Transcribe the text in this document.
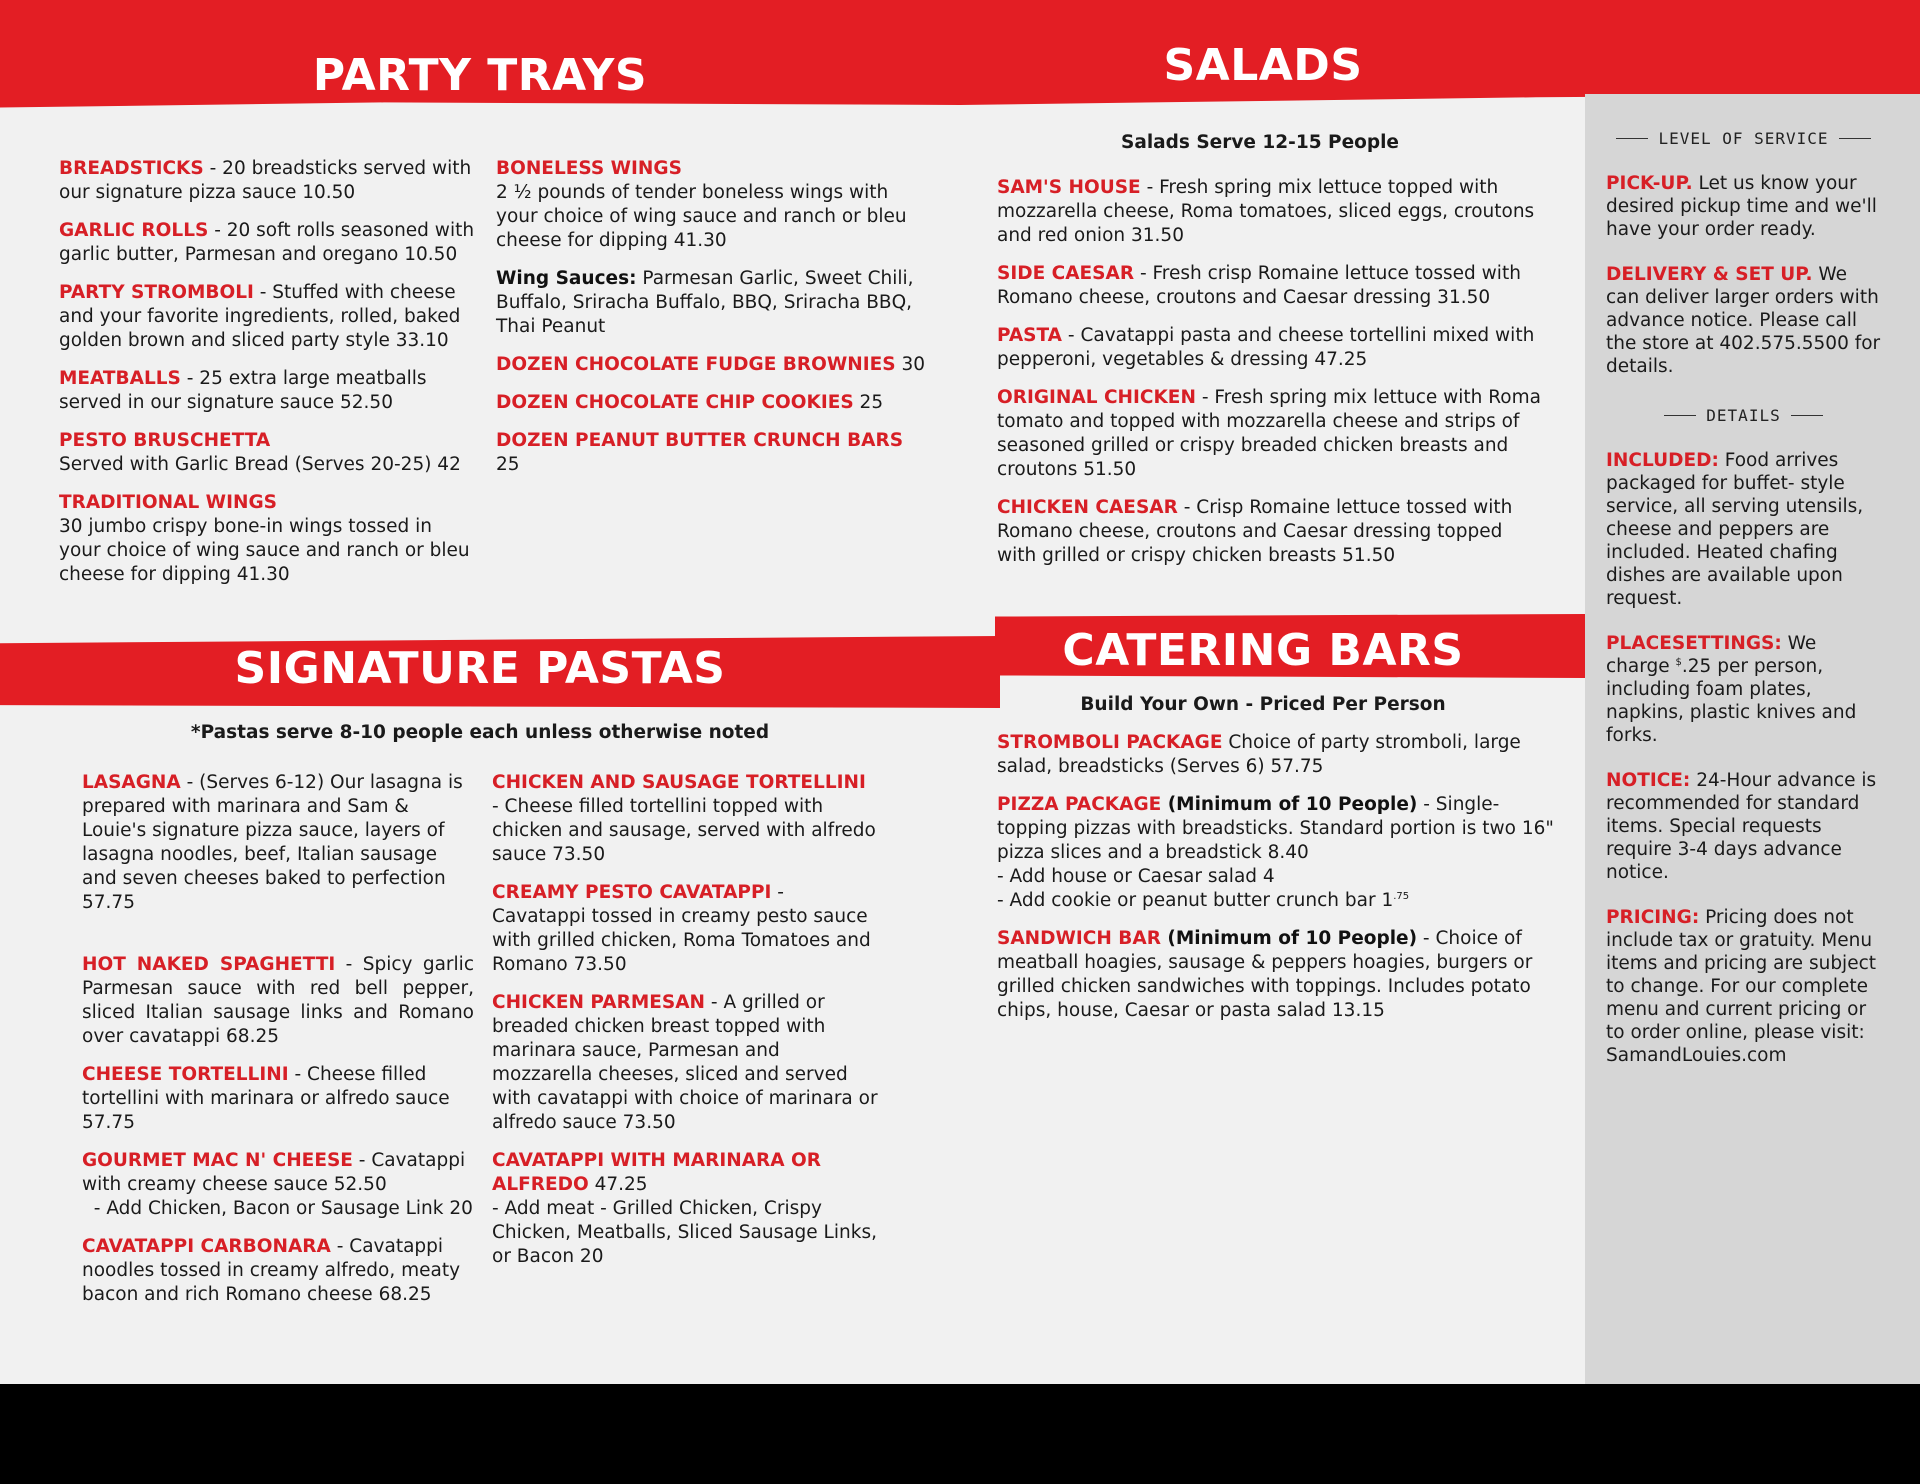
PARTY TRAYS	SALADS
SIGNATURE PASTAS	CATERING BARS
BREADSTICKS - 20 breadsticks served with our signature pizza sauce 10.50
GARLIC ROLLS - 20 soft rolls seasoned with garlic butter, Parmesan and oregano 10.50
PARTY STROMBOLI - Stuffed with cheese and your favorite ingredients, rolled, baked golden brown and sliced party style 33.10
MEATBALLS - 25 extra large meatballs served in our signature sauce 52.50
PESTO BRUSCHETTA
Served with Garlic Bread (Serves 20-25) 42
TRADITIONAL WINGS
30 jumbo crispy bone-in wings tossed in your choice of wing sauce and ranch or bleu cheese for dipping 41.30
BONELESS WINGS
2 ½ pounds of tender boneless wings with your choice of wing sauce and ranch or bleu cheese for dipping 41.30
Wing Sauces: Parmesan Garlic, Sweet Chili, Buffalo, Sriracha Buffalo, BBQ, Sriracha BBQ, Thai Peanut
DOZEN CHOCOLATE FUDGE BROWNIES 30
DOZEN CHOCOLATE CHIP COOKIES 25
DOZEN PEANUT BUTTER CRUNCH BARS 25
Salads Serve 12-15 People
SAM'S HOUSE - Fresh spring mix lettuce topped with mozzarella cheese, Roma tomatoes, sliced eggs, croutons and red onion 31.50
SIDE CAESAR - Fresh crisp Romaine lettuce tossed with Romano cheese, croutons and Caesar dressing 31.50
PASTA - Cavatappi pasta and cheese tortellini mixed with pepperoni, vegetables & dressing 47.25
ORIGINAL CHICKEN - Fresh spring mix lettuce with Roma tomato and topped with mozzarella cheese and strips of seasoned grilled or crispy breaded chicken breasts and croutons 51.50
CHICKEN CAESAR - Crisp Romaine lettuce tossed with Romano cheese, croutons and Caesar dressing topped with grilled or crispy chicken breasts 51.50
*Pastas serve 8-10 people each unless otherwise noted
LASAGNA - (Serves 6-12) Our lasagna is prepared with marinara and Sam & Louie's signature pizza sauce, layers of lasagna noodles, beef, Italian sausage and seven cheeses baked to perfection 57.75
HOT NAKED SPAGHETTI - Spicy garlic Parmesan sauce with red bell pepper, sliced Italian sausage links and Romano over cavatappi 68.25
CHEESE TORTELLINI - Cheese filled tortellini with marinara or alfredo sauce 57.75
GOURMET MAC N' CHEESE - Cavatappi with creamy cheese sauce 52.50
- Add Chicken, Bacon or Sausage Link 20
CAVATAPPI CARBONARA - Cavatappi noodles tossed in creamy alfredo, meaty bacon and rich Romano cheese 68.25
CHICKEN AND SAUSAGE TORTELLINI
- Cheese filled tortellini topped with chicken and sausage, served with alfredo sauce 73.50
CREAMY PESTO CAVATAPPI - Cavatappi tossed in creamy pesto sauce with grilled chicken, Roma Tomatoes and Romano 73.50
CHICKEN PARMESAN - A grilled or breaded chicken breast topped with marinara sauce, Parmesan and mozzarella cheeses, sliced and served with cavatappi with choice of marinara or alfredo sauce 73.50
CAVATAPPI WITH MARINARA OR ALFREDO 47.25
- Add meat - Grilled Chicken, Crispy Chicken, Meatballs, Sliced Sausage Links, or Bacon 20
Build Your Own - Priced Per Person
STROMBOLI PACKAGE Choice of party stromboli, large salad, breadsticks (Serves 6) 57.75
PIZZA PACKAGE (Minimum of 10 People) - Single-topping pizzas with breadsticks. Standard portion is two 16" pizza slices and a breadstick 8.40
- Add house or Caesar salad 4
- Add cookie or peanut butter crunch bar $1^{.75}$
SANDWICH BAR (Minimum of 10 People) - Choice of meatball hoagies, sausage & peppers hoagies, burgers or grilled chicken sandwiches with toppings. Includes potato chips, house, Caesar or pasta salad 13.15
LEVEL OF SERVICE
PICK-UP. Let us know your desired pickup time and we'll have your order ready.
DELIVERY & SET UP. We can deliver larger orders with advance notice. Please call the store at 402.575.5500 for details.
DETAILS
INCLUDED: Food arrives packaged for buffet- style service, all serving utensils, cheese and peppers are included. Heated chafing dishes are available upon request.
PLACESETTINGS: We charge $.25 per person, including foam plates, napkins, plastic knives and forks.
NOTICE: 24-Hour advance is recommended for standard items. Special requests require 3-4 days advance notice.
PRICING: Pricing does not include tax or gratuity. Menu items and pricing are subject to change. For our complete menu and current pricing or to order online, please visit: SamandLouies.com
